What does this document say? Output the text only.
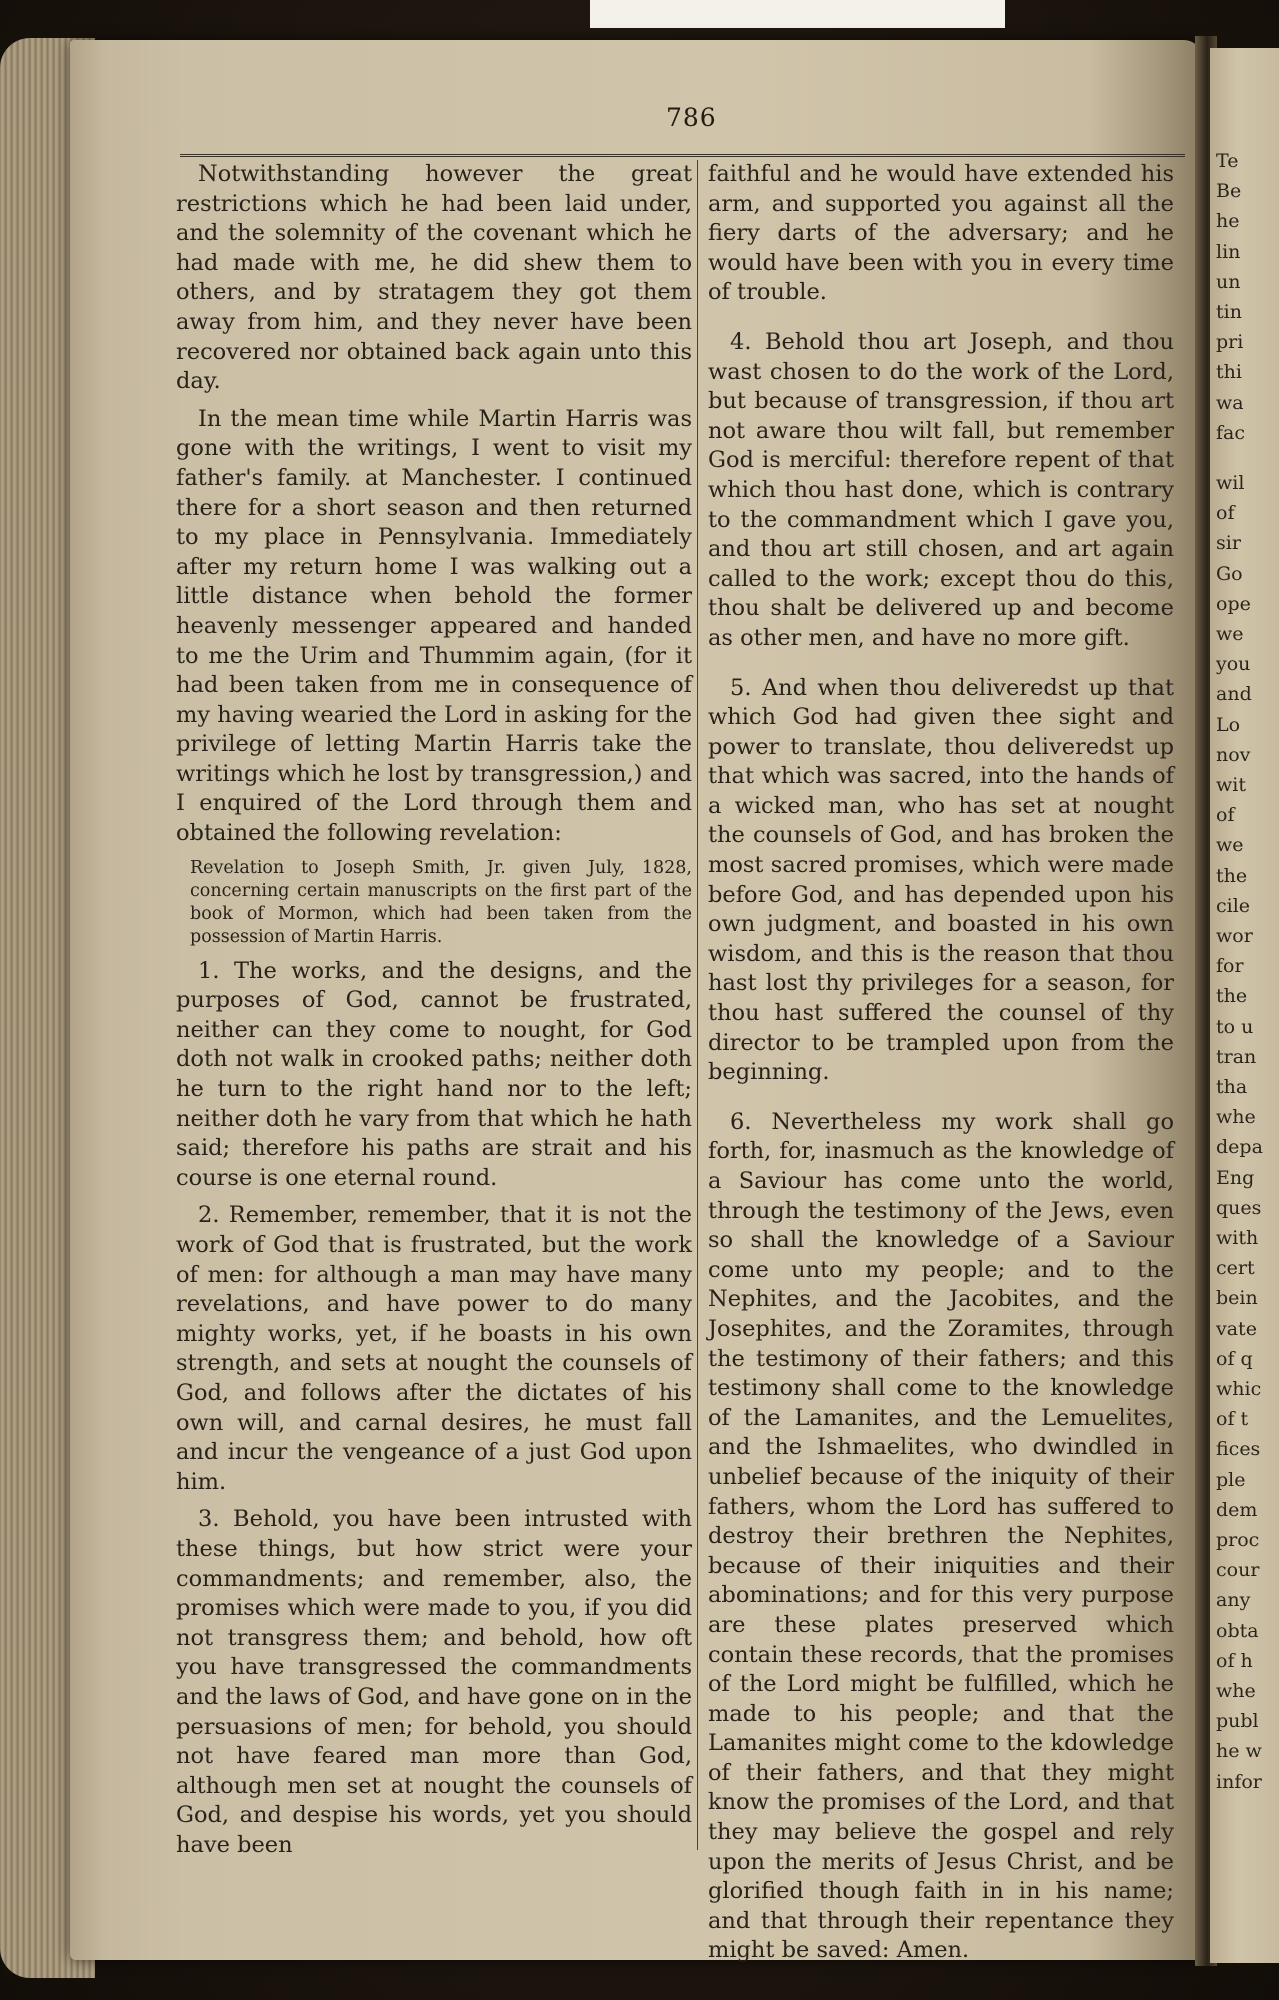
Te
Be
he
lin
un
tin
pri
thi
wa
fac
wil
of
sir
Go
ope
we
you
and
Lo
nov
wit
of
we
the
cile
wor
for
the
to u
tran
tha
whe
depa
Eng
ques
with
cert
bein
vate
of q
whic
of t
fices
ple
dem
proc
cour
any
obta
of h
whe
publ
he w
infor
786

Notwithstanding however the great restrictions which he had been laid under, and the solemnity of the covenant which he had made with me, he did shew them to others, and by stratagem they got them away from him, and they never have been recovered nor obtained back again unto this day.

In the mean time while Martin Harris was gone with the writings, I went to visit my father's family. at Manchester. I continued there for a short season and then returned to my place in Pennsylvania. Immediately after my return home I was walking out a little distance when behold the former heavenly messenger appeared and handed to me the Urim and Thummim again, (for it had been taken from me in consequence of my having wearied the Lord in asking for the privilege of letting Martin Harris take the writings which he lost by transgression,) and I enquired of the Lord through them and obtained the following revelation:

Revelation to Joseph Smith, Jr. given July, 1828, concerning certain manuscripts on the first part of the book of Mormon, which had been taken from the possession of Martin Harris.

1. The works, and the designs, and the purposes of God, cannot be frustrated, neither can they come to nought, for God doth not walk in crooked paths; neither doth he turn to the right hand nor to the left; neither doth he vary from that which he hath said; therefore his paths are strait and his course is one eternal round.

2. Remember, remember, that it is not the work of God that is frustrated, but the work of men: for although a man may have many revelations, and have power to do many mighty works, yet, if he boasts in his own strength, and sets at nought the counsels of God, and follows after the dictates of his own will, and carnal desires, he must fall and incur the vengeance of a just God upon him.

3. Behold, you have been intrusted with these things, but how strict were your commandments; and remember, also, the promises which were made to you, if you did not transgress them; and behold, how oft you have transgressed the commandments and the laws of God, and have gone on in the persuasions of men; for behold, you should not have feared man more than God, although men set at nought the counsels of God, and despise his words, yet you should have been

faithful and he would have extended his arm, and supported you against all the fiery darts of the adversary; and he would have been with you in every time of trouble.

4. Behold thou art Joseph, and thou wast chosen to do the work of the Lord, but because of transgression, if thou art not aware thou wilt fall, but remember God is merciful: therefore repent of that which thou hast done, which is contrary to the commandment which I gave you, and thou art still chosen, and art again called to the work; except thou do this, thou shalt be delivered up and become as other men, and have no more gift.

5. And when thou deliveredst up that which God had given thee sight and power to translate, thou deliveredst up that which was sacred, into the hands of a wicked man, who has set at nought the counsels of God, and has broken the most sacred promises, which were made before God, and has depended upon his own judgment, and boasted in his own wisdom, and this is the reason that thou hast lost thy privileges for a season, for thou hast suffered the counsel of thy director to be trampled upon from the beginning.

6. Nevertheless my work shall go forth, for, inasmuch as the knowledge of a Saviour has come unto the world, through the testimony of the Jews, even so shall the knowledge of a Saviour come unto my people; and to the Nephites, and the Jacobites, and the Josephites, and the Zoramites, through the testimony of their fathers; and this testimony shall come to the knowledge of the Lamanites, and the Lemuelites, and the Ishmaelites, who dwindled in unbelief because of the iniquity of their fathers, whom the Lord has suffered to destroy their brethren the Nephites, because of their iniquities and their abominations; and for this very purpose are these plates preserved which contain these records, that the promises of the Lord might be fulfilled, which he made to his people; and that the Lamanites might come to the kdowledge of their fathers, and that they might know the promises of the Lord, and that they may believe the gospel and rely upon the merits of Jesus Christ, and be glorified though faith in in his name; and that through their repentance they might be saved: Amen.
